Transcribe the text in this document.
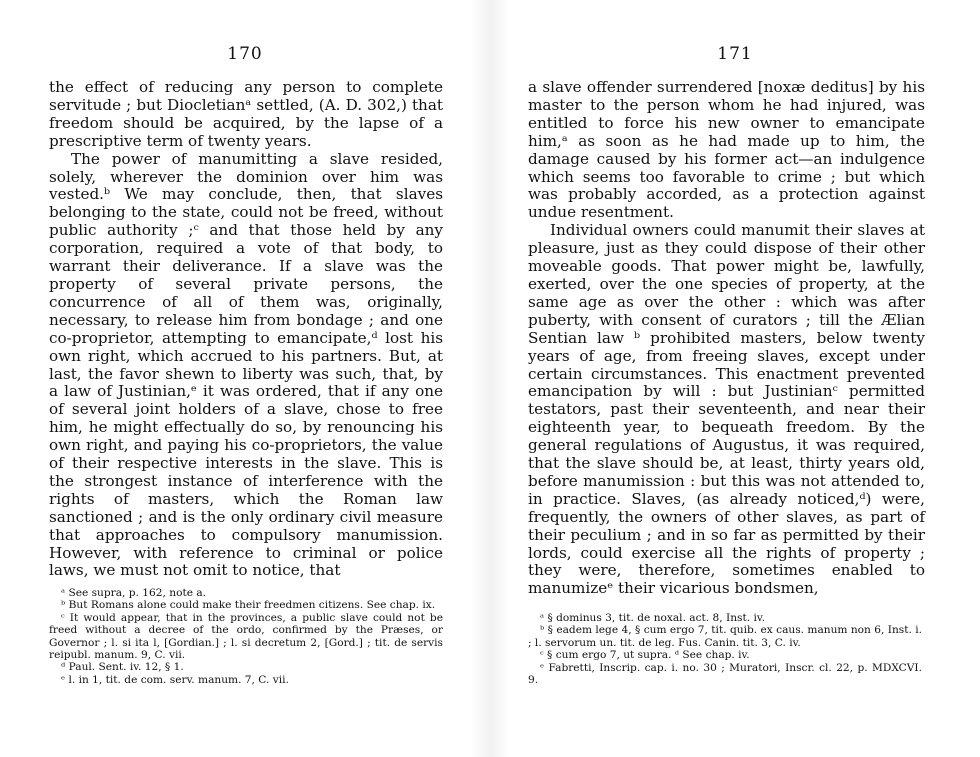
170

the effect of reducing any person to complete servitude ; but Diocletianᵃ settled, (A. D. 302,) that freedom should be acquired, by the lapse of a prescriptive term of twenty years.

The power of manumitting a slave resided, solely, wherever the dominion over him was vested.ᵇ We may conclude, then, that slaves belonging to the state, could not be freed, without public authority ;ᶜ and that those held by any corporation, required a vote of that body, to warrant their deliverance. If a slave was the property of several private persons, the concurrence of all of them was, originally, necessary, to release him from bondage ; and one co-proprietor, attempting to emancipate,ᵈ lost his own right, which accrued to his partners. But, at last, the favor shewn to liberty was such, that, by a law of Justinian,ᵉ it was ordered, that if any one of several joint holders of a slave, chose to free him, he might effectually do so, by renouncing his own right, and paying his co-proprietors, the value of their respective interests in the slave. This is the strongest instance of interference with the rights of masters, which the Roman law sanctioned ; and is the only ordinary civil measure that approaches to compulsory manumission. However, with reference to criminal or police laws, we must not omit to notice, that

ᵃ See supra, p. 162, note a.

ᵇ But Romans alone could make their freedmen citizens. See chap. ix.

ᶜ It would appear, that in the provinces, a public slave could not be freed without a decree of the ordo, confirmed by the Præses, or Governor ; l. si ita l, [Gordian.] ; l. si decretum 2, [Gord.] ; tit. de servis reipubl. manum. 9, C. vii.

ᵈ Paul. Sent. iv. 12, § 1.

ᵉ l. in 1, tit. de com. serv. manum. 7, C. vii.

171

a slave offender surrendered [noxæ deditus] by his master to the person whom he had injured, was entitled to force his new owner to emancipate him,ᵃ as soon as he had made up to him, the damage caused by his former act—an indulgence which seems too favorable to crime ; but which was probably accorded, as a protection against undue resentment.

Individual owners could manumit their slaves at pleasure, just as they could dispose of their other moveable goods. That power might be, lawfully, exerted, over the one species of property, at the same age as over the other : which was after puberty, with consent of curators ; till the Ælian Sentian law ᵇ prohibited masters, below twenty years of age, from freeing slaves, except under certain circumstances. This enactment prevented emancipation by will : but Justinianᶜ permitted testators, past their seventeenth, and near their eighteenth year, to bequeath freedom. By the general regulations of Augustus, it was required, that the slave should be, at least, thirty years old, before manumission : but this was not attended to, in practice. Slaves, (as already noticed,ᵈ) were, frequently, the owners of other slaves, as part of their peculium ; and in so far as permitted by their lords, could exercise all the rights of property ; they were, therefore, sometimes enabled to manumizeᵉ their vicarious bondsmen,

ᵃ § dominus 3, tit. de noxal. act. 8, Inst. iv.

ᵇ § eadem lege 4, § cum ergo 7, tit. quib. ex caus. manum non 6, Inst. i. ; l. servorum un. tit. de leg. Fus. Canin. tit. 3, C. iv.

ᶜ § cum ergo 7, ut supra. ᵈ See chap. iv.

ᵉ Fabretti, Inscrip. cap. i. no. 30 ; Muratori, Inscr. cl. 22, p. MDXCVI. 9.
